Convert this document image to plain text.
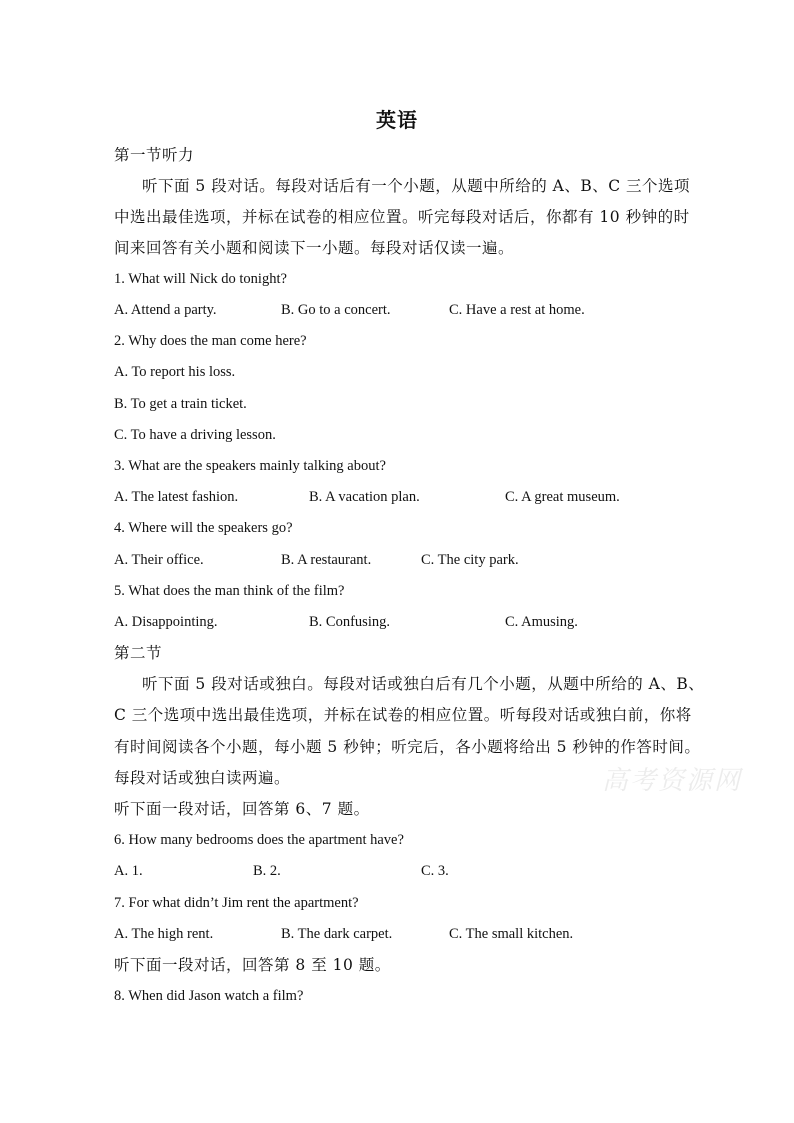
英语
第一节听力
听下面 5 段对话。每段对话后有一个小题，从题中所给的 A、B、C 三个选项
中选出最佳选项，并标在试卷的相应位置。听完每段对话后，你都有 10 秒钟的时
间来回答有关小题和阅读下一小题。每段对话仅读一遍。
1. What will Nick do tonight?
A. Attend a party.	B. Go to a concert.	C. Have a rest at home.
2. Why does the man come here?
A. To report his loss.
B. To get a train ticket.
C. To have a driving lesson.
3. What are the speakers mainly talking about?
A. The latest fashion.	B. A vacation plan.	C. A great museum.
4. Where will the speakers go?
A. Their office.	B. A restaurant.	C. The city park.
5. What does the man think of the film?
A. Disappointing.	B. Confusing.	C. Amusing.
第二节
听下面 5 段对话或独白。每段对话或独白后有几个小题，从题中所给的 A、B、
C 三个选项中选出最佳选项，并标在试卷的相应位置。听每段对话或独白前，你将
有时间阅读各个小题，每小题 5 秒钟；听完后，各小题将给出 5 秒钟的作答时间。
每段对话或独白读两遍。
听下面一段对话，回答第 6、7 题。
6. How many bedrooms does the apartment have?
A. 1.	B. 2.	C. 3.
7. For what didn’t Jim rent the apartment?
A. The high rent.	B. The dark carpet.	C. The small kitchen.
听下面一段对话，回答第 8 至 10 题。
8. When did Jason watch a film?
高考资源网
